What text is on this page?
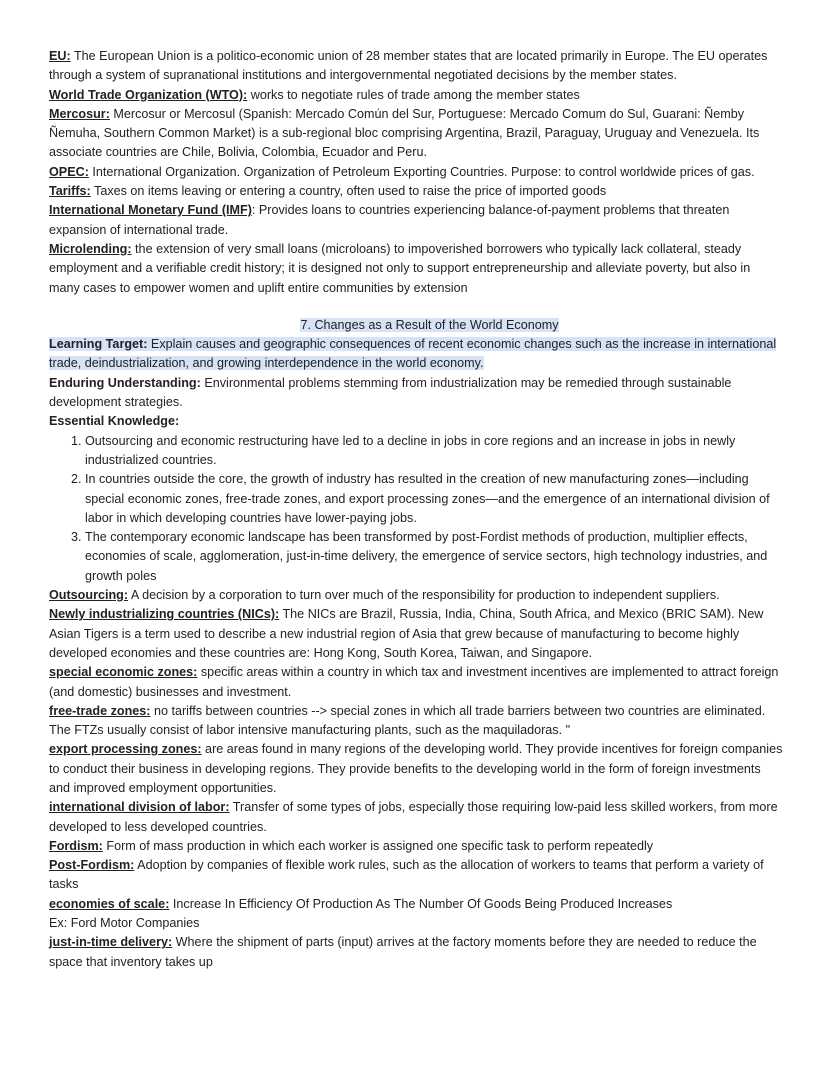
EU: The European Union is a politico-economic union of 28 member states that are located primarily in Europe. The EU operates through a system of supranational institutions and intergovernmental negotiated decisions by the member states.

World Trade Organization (WTO): works to negotiate rules of trade among the member states

Mercosur: Mercosur or Mercosul (Spanish: Mercado Común del Sur, Portuguese: Mercado Comum do Sul, Guarani: Ñemby Ñemuha, Southern Common Market) is a sub-regional bloc comprising Argentina, Brazil, Paraguay, Uruguay and Venezuela. Its associate countries are Chile, Bolivia, Colombia, Ecuador and Peru.

OPEC: International Organization. Organization of Petroleum Exporting Countries. Purpose: to control worldwide prices of gas.

Tariffs: Taxes on items leaving or entering a country, often used to raise the price of imported goods

International Monetary Fund (IMF): Provides loans to countries experiencing balance-of-payment problems that threaten expansion of international trade.

Microlending: the extension of very small loans (microloans) to impoverished borrowers who typically lack collateral, steady employment and a verifiable credit history; it is designed not only to support entrepreneurship and alleviate poverty, but also in many cases to empower women and uplift entire communities by extension

7. Changes as a Result of the World Economy

Learning Target: Explain causes and geographic consequences of recent economic changes such as the increase in international trade, deindustrialization, and growing interdependence in the world economy.

Enduring Understanding: Environmental problems stemming from industrialization may be remedied through sustainable development strategies.

Essential Knowledge:

1. Outsourcing and economic restructuring have led to a decline in jobs in core regions and an increase in jobs in newly industrialized countries.
2. In countries outside the core, the growth of industry has resulted in the creation of new manufacturing zones—including special economic zones, free-trade zones, and export processing zones—and the emergence of an international division of labor in which developing countries have lower-paying jobs.
3. The contemporary economic landscape has been transformed by post-Fordist methods of production, multiplier effects, economies of scale, agglomeration, just-in-time delivery, the emergence of service sectors, high technology industries, and growth poles

Outsourcing: A decision by a corporation to turn over much of the responsibility for production to independent suppliers.

Newly industrializing countries (NICs): The NICs are Brazil, Russia, India, China, South Africa, and Mexico (BRIC SAM). New Asian Tigers is a term used to describe a new industrial region of Asia that grew because of manufacturing to become highly developed economies and these countries are: Hong Kong, South Korea, Taiwan, and Singapore.

special economic zones: specific areas within a country in which tax and investment incentives are implemented to attract foreign (and domestic) businesses and investment.

free-trade zones: no tariffs between countries --> special zones in which all trade barriers between two countries are eliminated. The FTZs usually consist of labor intensive manufacturing plants, such as the maquiladoras. "

export processing zones: are areas found in many regions of the developing world. They provide incentives for foreign companies to conduct their business in developing regions. They provide benefits to the developing world in the form of foreign investments and improved employment opportunities.

international division of labor: Transfer of some types of jobs, especially those requiring low-paid less skilled workers, from more developed to less developed countries.

Fordism: Form of mass production in which each worker is assigned one specific task to perform repeatedly

Post-Fordism: Adoption by companies of flexible work rules, such as the allocation of workers to teams that perform a variety of tasks

economies of scale: Increase In Efficiency Of Production As The Number Of Goods Being Produced Increases

Ex: Ford Motor Companies

just-in-time delivery: Where the shipment of parts (input) arrives at the factory moments before they are needed to reduce the space that inventory takes up
